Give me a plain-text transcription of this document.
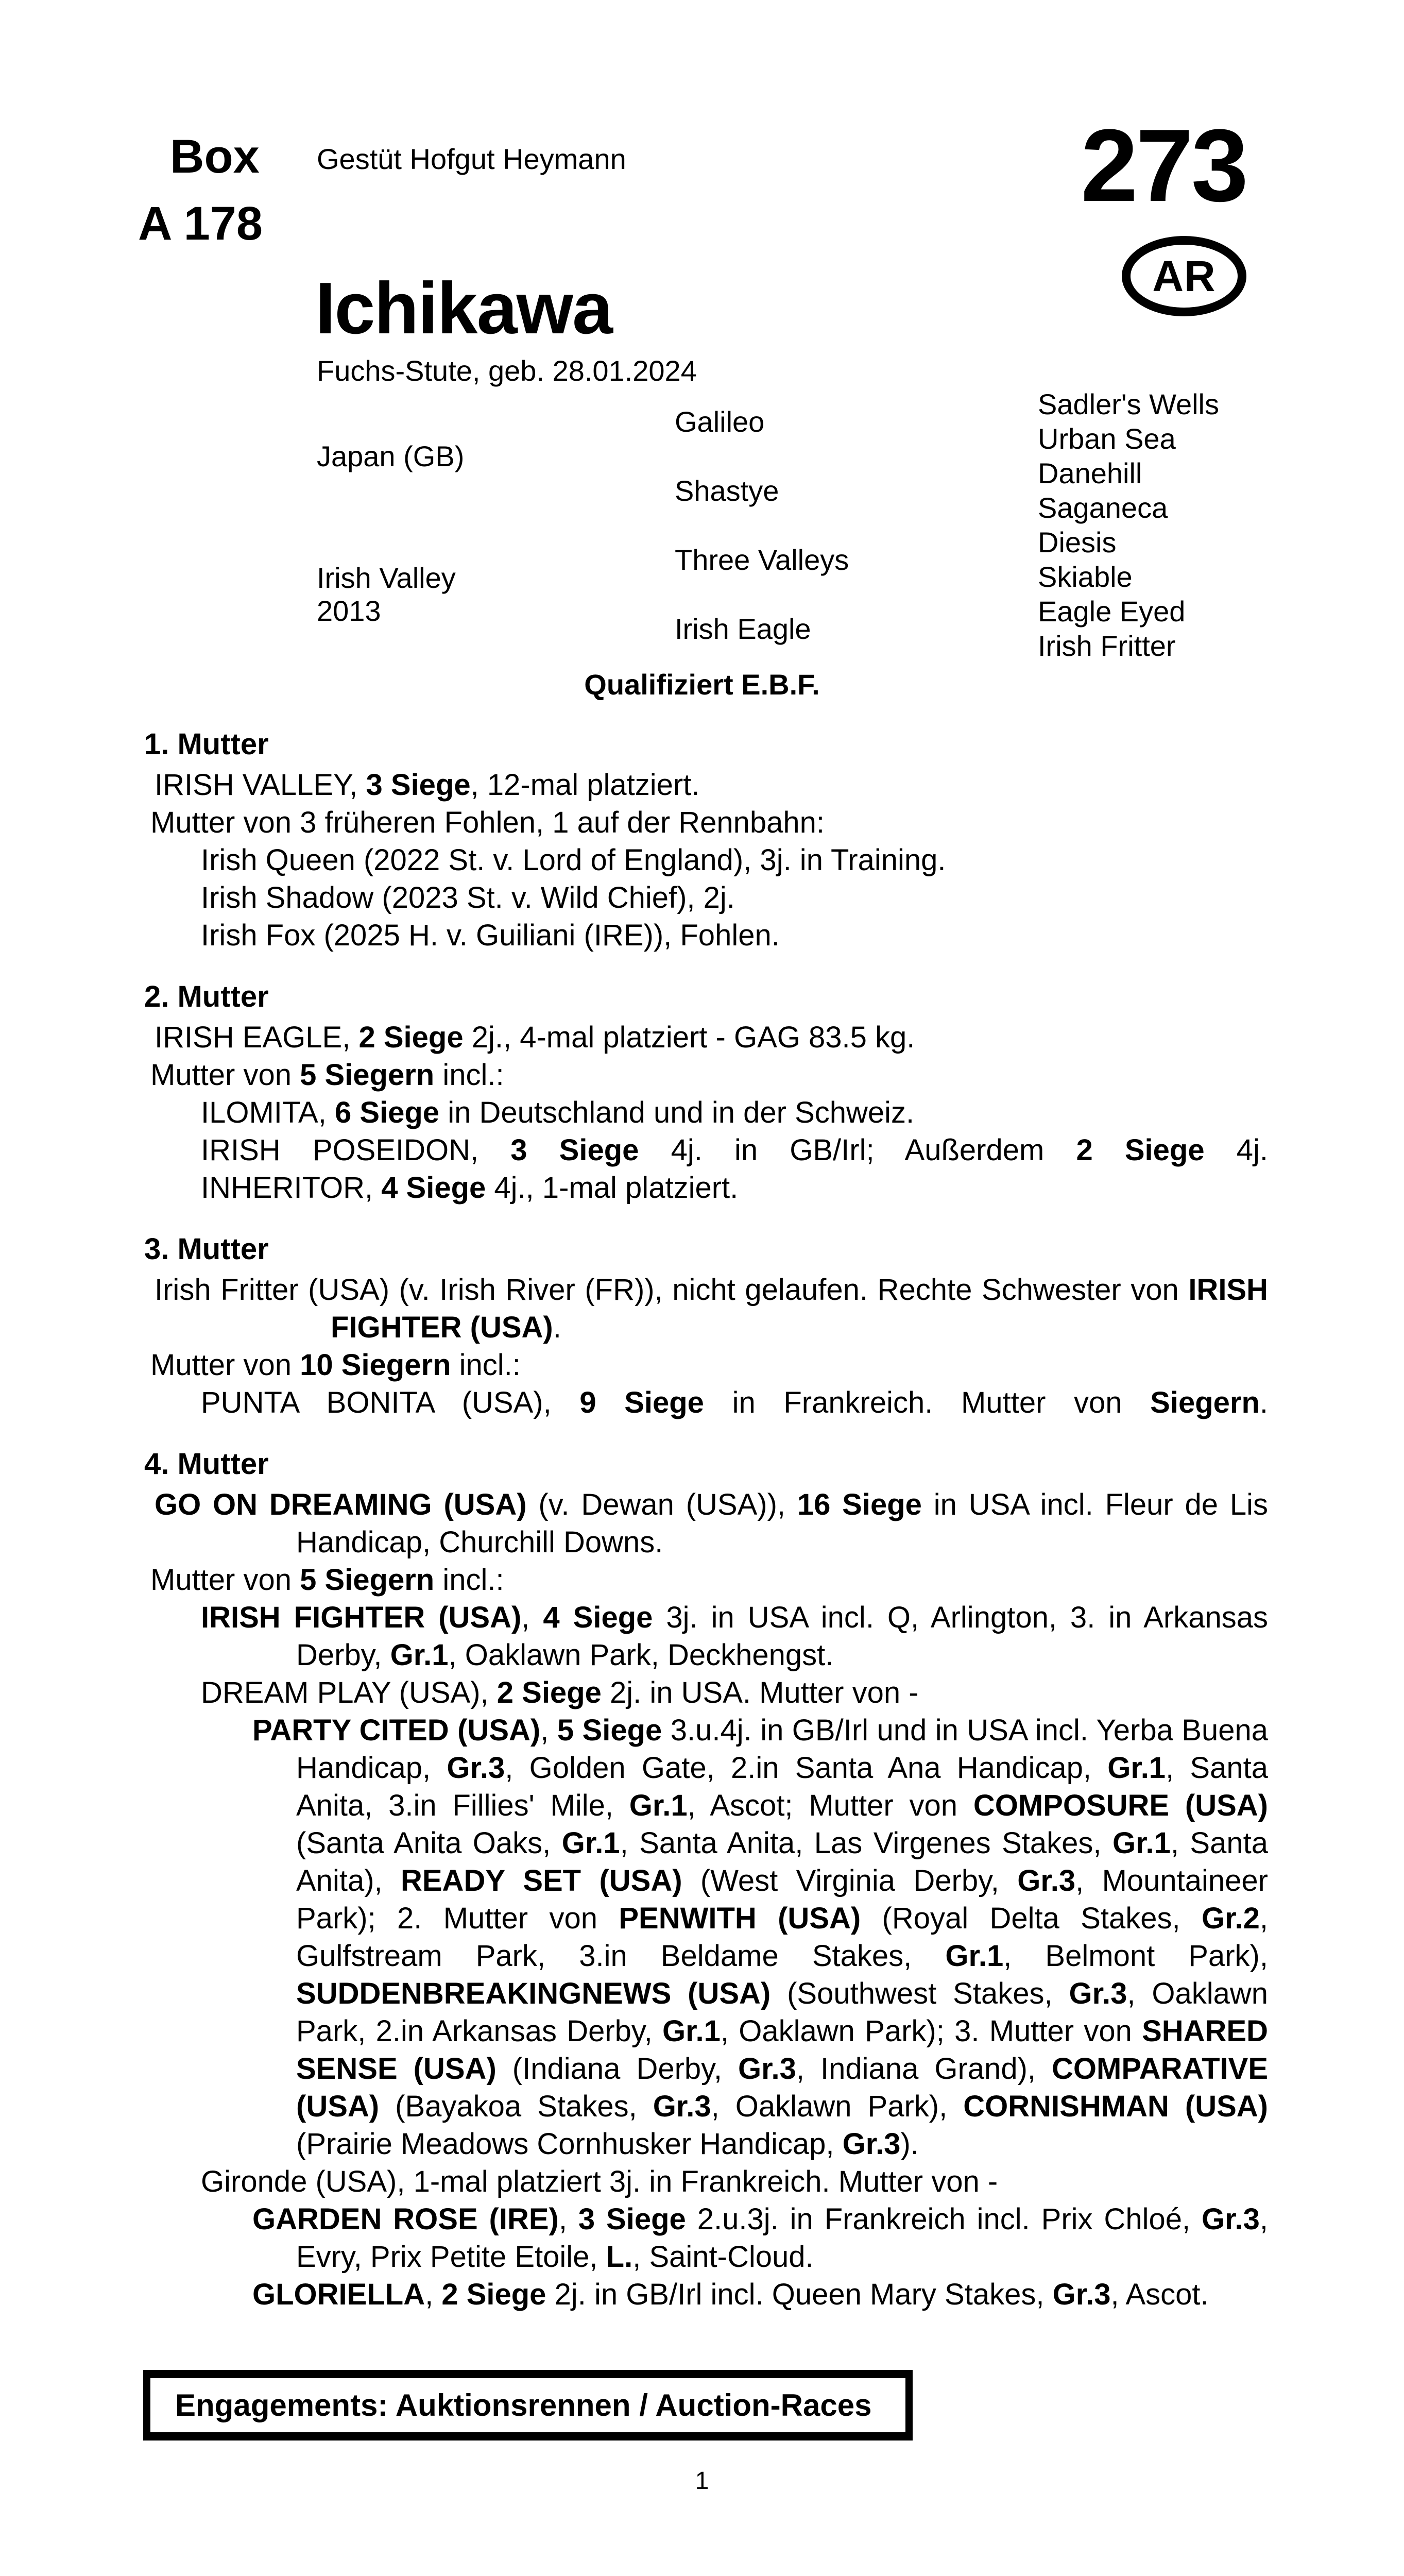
Box
A 178
Gestüt Hofgut Heymann	273
Ichikawa
Fuchs-Stute, geb. 28.01.2024
AR
Japan (GB)
Irish Valley
2013
Galileo
Shastye
Three Valleys
Irish Eagle
Sadler's Wells
Urban Sea
Danehill
Saganeca
Diesis
Skiable
Eagle Eyed
Irish Fritter
Qualifiziert E.B.F.
1. Mutter

IRISH VALLEY, 3 Siege, 12-mal platziert.

Mutter von 3 früheren Fohlen, 1 auf der Rennbahn:

Irish Queen (2022 St. v. Lord of England), 3j. in Training.

Irish Shadow (2023 St. v. Wild Chief), 2j.

Irish Fox (2025 H. v. Guiliani (IRE)), Fohlen.

2. Mutter

IRISH EAGLE, 2 Siege 2j., 4-mal platziert - GAG 83.5 kg.

Mutter von 5 Siegern incl.:

ILOMITA, 6 Siege in Deutschland und in der Schweiz.

IRISH POSEIDON, 3 Siege 4j. in GB/Irl; Außerdem 2 Siege 4j.

INHERITOR, 4 Siege 4j., 1-mal platziert.

3. Mutter

Irish Fritter (USA) (v. Irish River (FR)), nicht gelaufen. Rechte Schwester von IRISH FIGHTER (USA).

Mutter von 10 Siegern incl.:

PUNTA BONITA (USA), 9 Siege in Frankreich. Mutter von Siegern.

4. Mutter

GO ON DREAMING (USA) (v. Dewan (USA)), 16 Siege in USA incl. Fleur de Lis Handicap, Churchill Downs.

Mutter von 5 Siegern incl.:

IRISH FIGHTER (USA), 4 Siege 3j. in USA incl. Q, Arlington, 3. in Arkansas Derby, Gr.1, Oaklawn Park, Deckhengst.

DREAM PLAY (USA), 2 Siege 2j. in USA. Mutter von -

PARTY CITED (USA), 5 Siege 3.u.4j. in GB/Irl und in USA incl. Yerba Buena Handicap, Gr.3, Golden Gate, 2.in Santa Ana Handicap, Gr.1, Santa Anita, 3.in Fillies' Mile, Gr.1, Ascot; Mutter von COMPOSURE (USA) (Santa Anita Oaks, Gr.1, Santa Anita, Las Virgenes Stakes, Gr.1, Santa Anita), READY SET (USA) (West Virginia Derby, Gr.3, Mountaineer Park); 2. Mutter von PENWITH (USA) (Royal Delta Stakes, Gr.2, Gulfstream Park, 3.in Beldame Stakes, Gr.1, Belmont Park), SUDDENBREAKINGNEWS (USA) (Southwest Stakes, Gr.3, Oaklawn Park, 2.in Arkansas Derby, Gr.1, Oaklawn Park); 3. Mutter von SHARED SENSE (USA) (Indiana Derby, Gr.3, Indiana Grand), COMPARATIVE (USA) (Bayakoa Stakes, Gr.3, Oaklawn Park), CORNISHMAN (USA) (Prairie Meadows Cornhusker Handicap, Gr.3).

Gironde (USA), 1-mal platziert 3j. in Frankreich. Mutter von -

GARDEN ROSE (IRE), 3 Siege 2.u.3j. in Frankreich incl. Prix Chloé, Gr.3, Evry, Prix Petite Etoile, L., Saint-Cloud.

GLORIELLA, 2 Siege 2j. in GB/Irl incl. Queen Mary Stakes, Gr.3, Ascot.

Engagements: Auktionsrennen / Auction-Races
1
